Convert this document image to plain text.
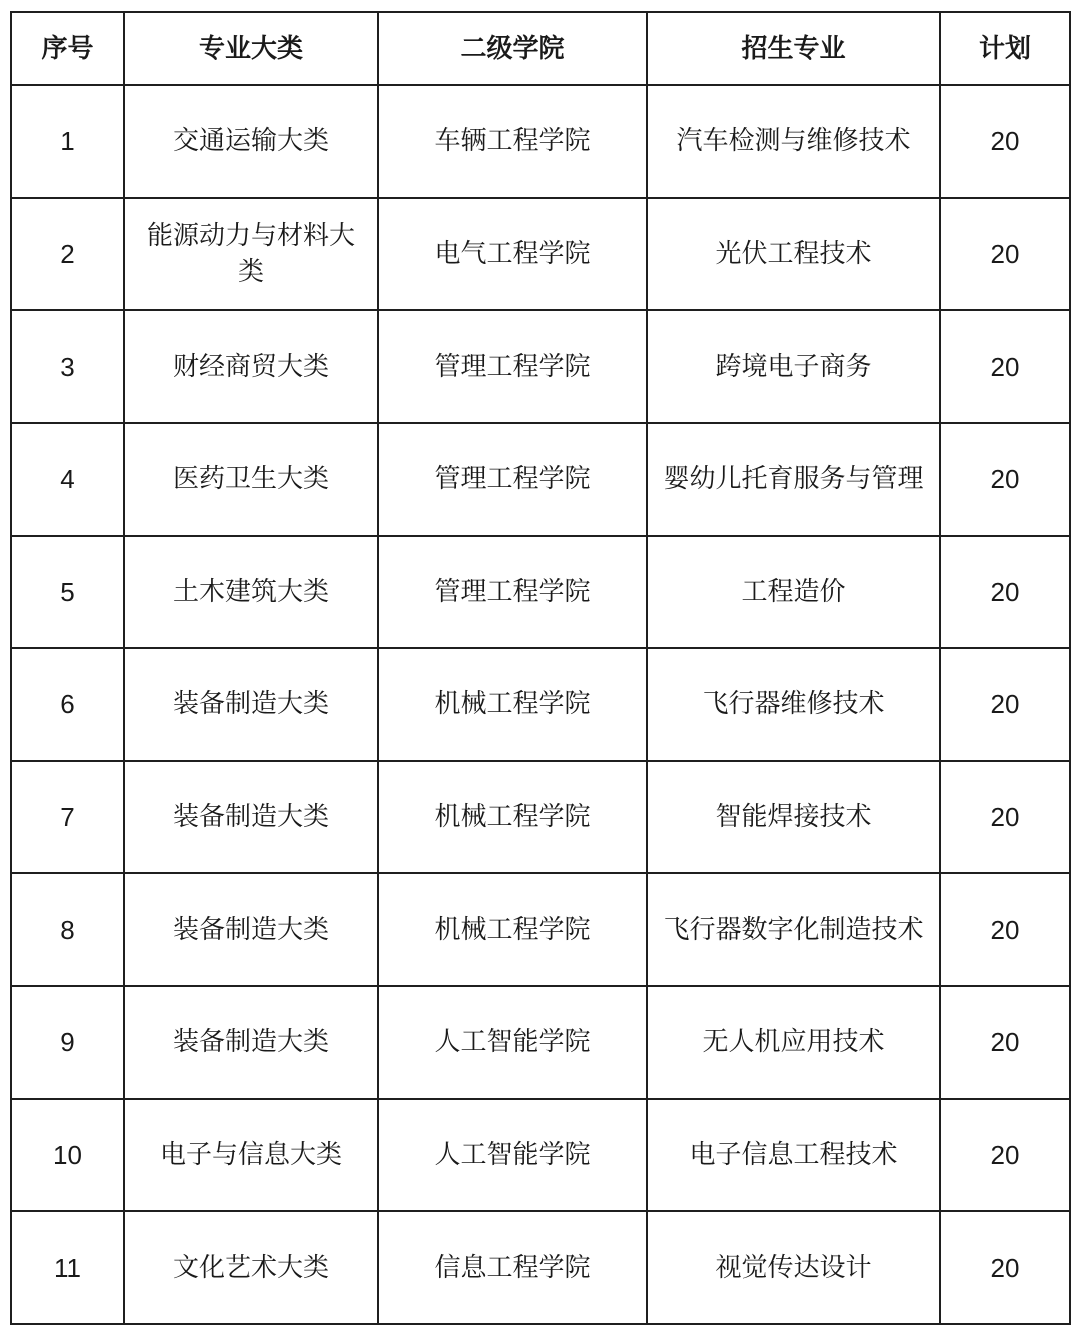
序号	专业大类	二级学院	招生专业	计划
1	交通运输大类	车辆工程学院	汽车检测与维修技术	20
2	能源动力与材料大类	电气工程学院	光伏工程技术	20
3	财经商贸大类	管理工程学院	跨境电子商务	20
4	医药卫生大类	管理工程学院	婴幼儿托育服务与管理	20
5	土木建筑大类	管理工程学院	工程造价	20
6	装备制造大类	机械工程学院	飞行器维修技术	20
7	装备制造大类	机械工程学院	智能焊接技术	20
8	装备制造大类	机械工程学院	飞行器数字化制造技术	20
9	装备制造大类	人工智能学院	无人机应用技术	20
10	电子与信息大类	人工智能学院	电子信息工程技术	20
11	文化艺术大类	信息工程学院	视觉传达设计	20
